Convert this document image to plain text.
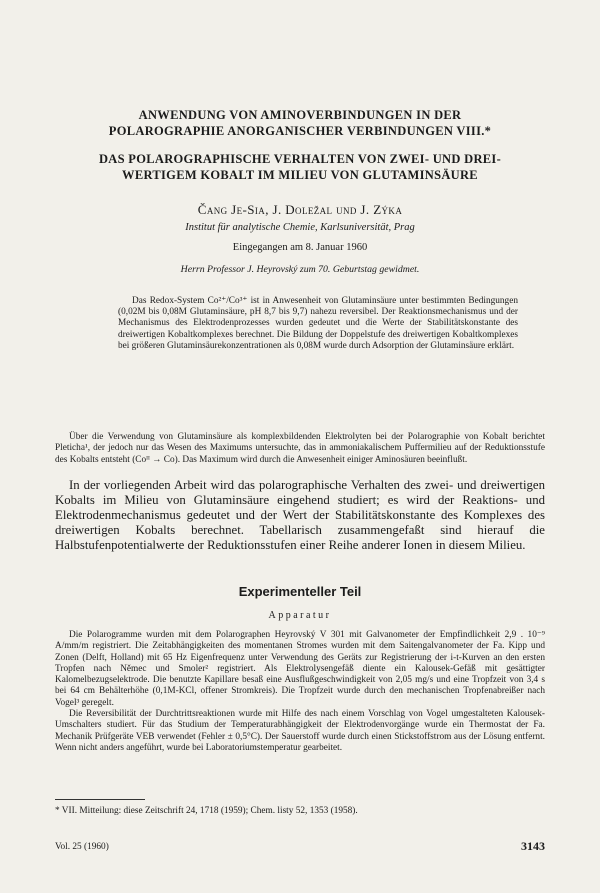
ANWENDUNG VON AMINOVERBINDUNGEN IN DER
POLAROGRAPHIE ANORGANISCHER VERBINDUNGEN VIII.*
DAS POLAROGRAPHISCHE VERHALTEN VON ZWEI- UND DREI-
WERTIGEM KOBALT IM MILIEU VON GLUTAMINSÄURE
Čang Je-Sia, J. Doležal und J. Zýka
Institut für analytische Chemie, Karlsuniversität, Prag
Eingegangen am 8. Januar 1960
Herrn Professor J. Heyrovský zum 70. Geburtstag gewidmet.

Das Redox-System Co²⁺/Co³⁺ ist in Anwesenheit von Glutaminsäure unter bestimmten Bedingungen (0,02M bis 0,08M Glutaminsäure, pH 8,7 bis 9,7) nahezu reversibel. Der Reaktionsmechanismus und der Mechanismus des Elektrodenprozesses wurden gedeutet und die Werte der Stabilitätskonstante des dreiwertigen Kobaltkomplexes berechnet. Die Bildung der Doppelstufe des dreiwertigen Kobaltkomplexes bei größeren Glutaminsäurekonzentrationen als 0,08M wurde durch Adsorption der Glutaminsäure erklärt.

Über die Verwendung von Glutaminsäure als komplexbildenden Elektrolyten bei der Polarographie von Kobalt berichtet Pleticha¹, der jedoch nur das Wesen des Maximums untersuchte, das in ammoniakalischem Puffermilieu auf der Reduktionsstufe des Kobalts entsteht (Coᴵᴵ → Co). Das Maximum wird durch die Anwesenheit einiger Aminosäuren beeinflußt.

In der vorliegenden Arbeit wird das polarographische Verhalten des zwei- und dreiwertigen Kobalts im Milieu von Glutaminsäure eingehend studiert; es wird der Reaktions- und Elektrodenmechanismus gedeutet und der Wert der Stabilitätskonstante des Komplexes des dreiwertigen Kobalts berechnet. Tabellarisch zusammengefaßt sind hierauf die Halbstufenpotentialwerte der Reduktionsstufen einer Reihe anderer Ionen in diesem Milieu.

Experimenteller Teil
Apparatur

Die Polarogramme wurden mit dem Polarographen Heyrovský V 301 mit Galvanometer der Empfindlichkeit 2,9 . 10⁻⁹ A/mm/m registriert. Die Zeitabhängigkeiten des momentanen Stromes wurden mit dem Saitengalvanometer der Fa. Kipp und Zonen (Delft, Holland) mit 65 Hz Eigenfrequenz unter Verwendung des Geräts zur Registrierung der i-t-Kurven an den ersten Tropfen nach Němec und Smoler² registriert. Als Elektrolysengefäß diente ein Kalousek-Gefäß mit gesättigter Kalomelbezugselektrode. Die benutzte Kapillare besaß eine Ausflußgeschwindigkeit von 2,05 mg/s und eine Tropfzeit von 3,4 s bei 64 cm Behälterhöhe (0,1M-KCl, offener Stromkreis). Die Tropfzeit wurde durch den mechanischen Tropfenabreißer nach Vogel³ geregelt.

Die Reversibilität der Durchtrittsreaktionen wurde mit Hilfe des nach einem Vorschlag von Vogel umgestalteten Kalousek-Umschalters studiert. Für das Studium der Temperaturabhängigkeit der Elektrodenvorgänge wurde ein Thermostat der Fa. Mechanik Prüfgeräte VEB verwendet (Fehler ± 0,5°C). Der Sauerstoff wurde durch einen Stickstoffstrom aus der Lösung entfernt. Wenn nicht anders angeführt, wurde bei Laboratoriumstemperatur gearbeitet.

* VII. Mitteilung: diese Zeitschrift 24, 1718 (1959); Chem. listy 52, 1353 (1958).
Vol. 25 (1960)	3143
